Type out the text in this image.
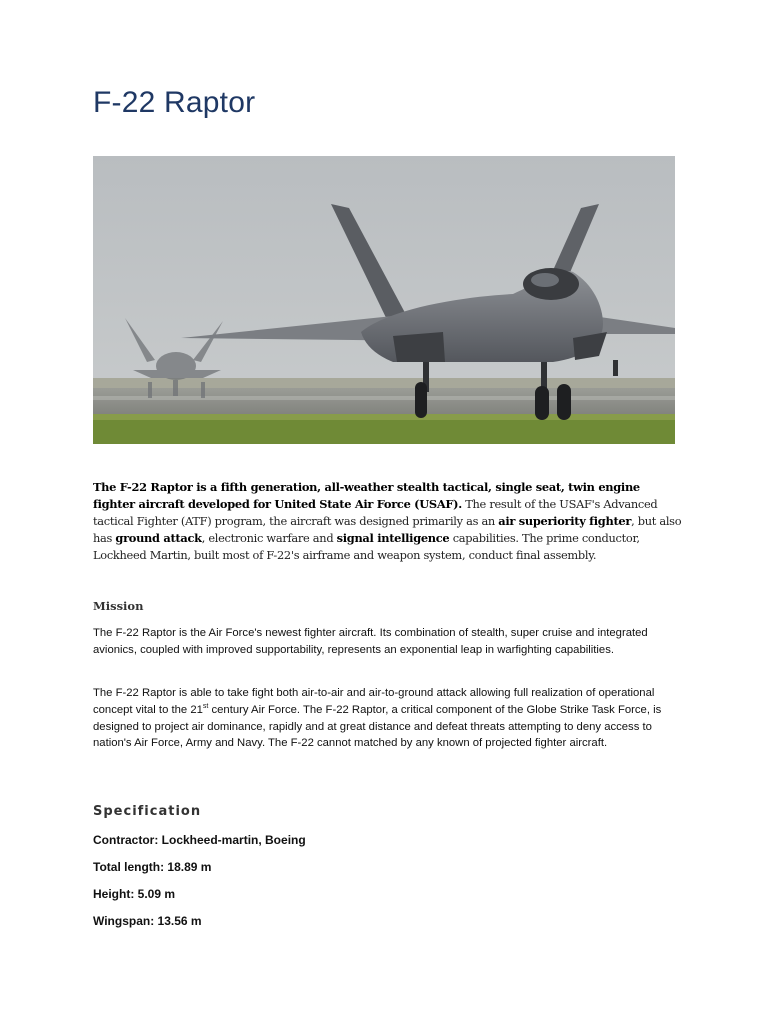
F-22 Raptor

The F-22 Raptor is a fifth generation, all-weather stealth tactical, single seat, twin engine fighter aircraft developed for United State Air Force (USAF). The result of the USAF's Advanced tactical Fighter (ATF) program, the aircraft was designed primarily as an air superiority fighter, but also has ground attack, electronic warfare and signal intelligence capabilities. The prime conductor, Lockheed Martin, built most of F-22's airframe and weapon system, conduct final assembly.

Mission

The F-22 Raptor is the Air Force's newest fighter aircraft. Its combination of stealth, super cruise and integrated avionics, coupled with improved supportability, represents an exponential leap in warfighting capabilities.

The F-22 Raptor is able to take fight both air-to-air and air-to-ground attack allowing full realization of operational concept vital to the 21st century Air Force. The F-22 Raptor, a critical component of the Globe Strike Task Force, is designed to project air dominance, rapidly and at great distance and defeat threats attempting to deny access to nation's Air Force, Army and Navy. The F-22 cannot matched by any known of projected fighter aircraft.

Specification

Contractor: Lockheed-martin, Boeing

Total length: 18.89 m

Height: 5.09 m

Wingspan: 13.56 m
